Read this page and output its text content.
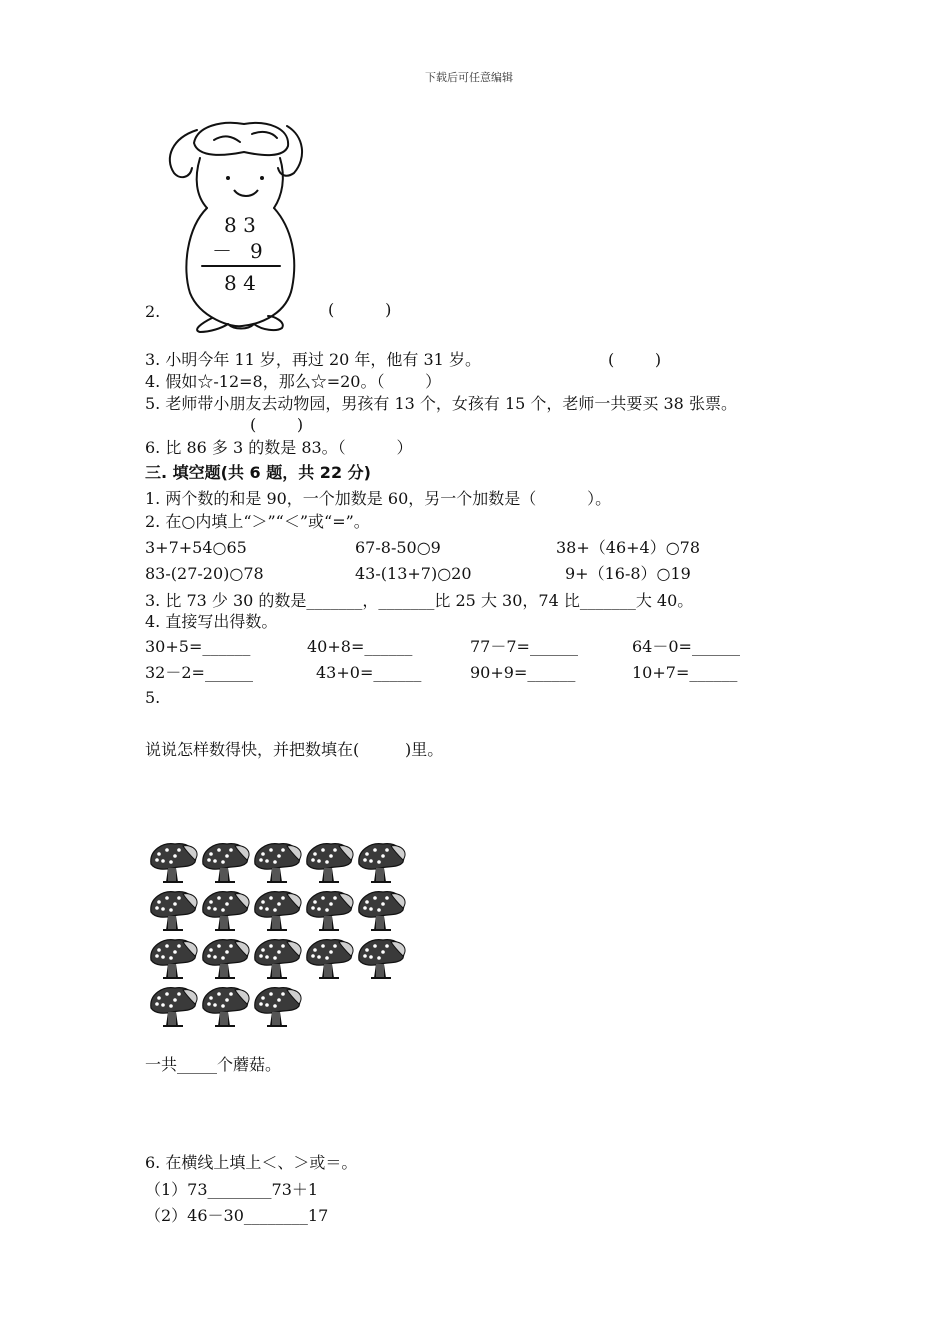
下载后可任意编辑
8 3
－ 9
8 4
2.	(          )
3. 小明今年 11 岁，再过 20 年，他有 31 岁。	(        )
4. 假如☆-12=8，那么☆=20。（        ）
5. 老师带小朋友去动物园，男孩有 13 个，女孩有 15 个，老师一共要买 38 张票。
(        )
6. 比 86 多 3 的数是 83。（          ）
三. 填空题(共 6 题，共 22 分)
1. 两个数的和是 90，一个加数是 60，另一个加数是（          ）。
2. 在○内填上“＞”“＜”或“=”。
3+7+54○65	67-8-50○9	38+（46+4）○78
83-(27-20)○78	43-(13+7)○20	9+（16-8）○19
3. 比 73 少 30 的数是_______，_______比 25 大 30，74 比_______大 40。
4. 直接写出得数。
30+5=______	40+8=______	77－7=______	64－0=______
32－2=______	43+0=______	90+9=______	10+7=______
5.
说说怎样数得快，并把数填在(         )里。
一共_____个蘑菇。
6. 在横线上填上＜、＞或＝。
（1）73________73＋1
（2）46－30________17
